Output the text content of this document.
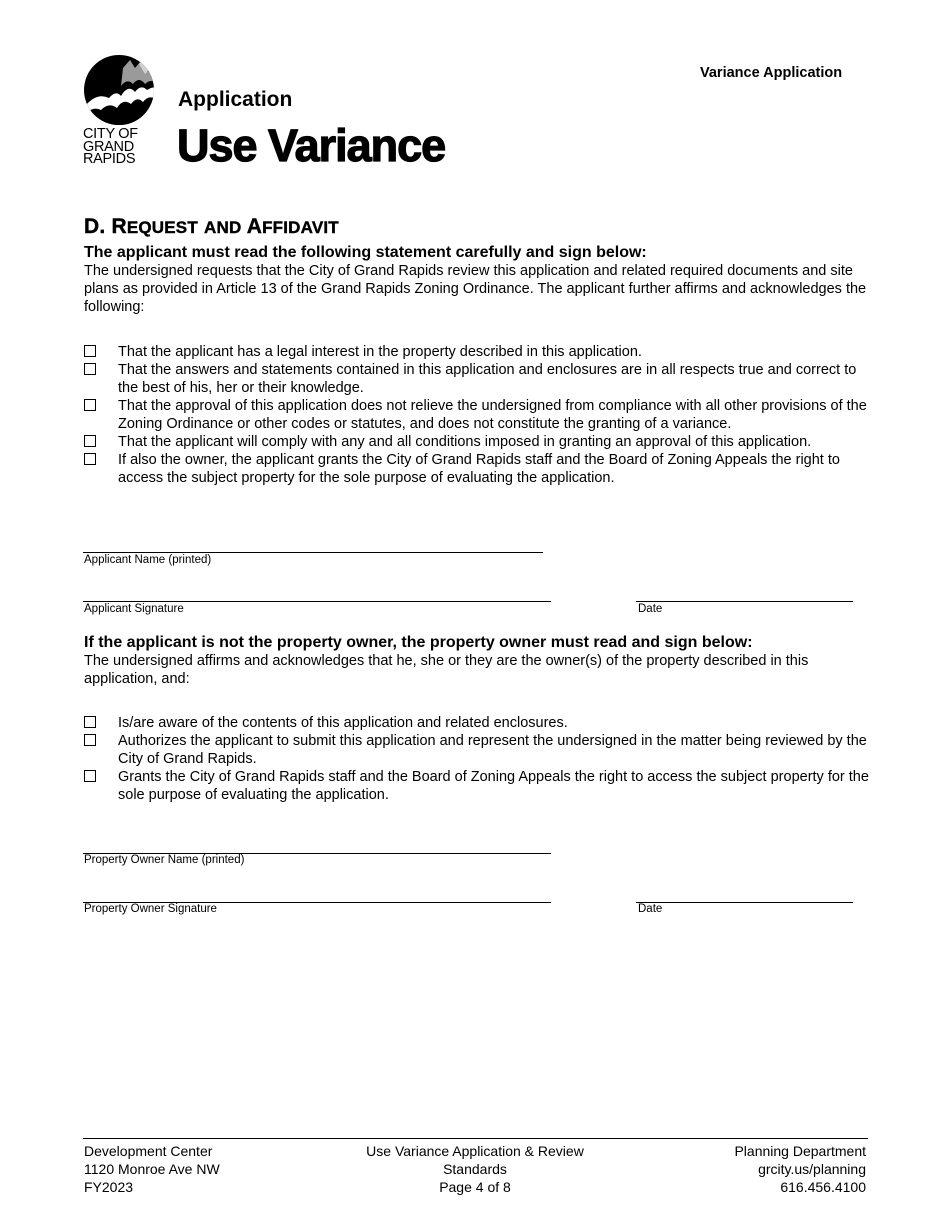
CITY OF
GRAND
RAPIDS
Variance Application
Application
Use Variance
D. REQUEST AND AFFIDAVIT
The applicant must read the following statement carefully and sign below:
The undersigned requests that the City of Grand Rapids review this application and related required documents and site plans as provided in Article 13 of the Grand Rapids Zoning Ordinance. The applicant further affirms and acknowledges the following:
That the applicant has a legal interest in the property described in this application.
That the answers and statements contained in this application and enclosures are in all respects true and correct to the best of his, her or their knowledge.
That the approval of this application does not relieve the undersigned from compliance with all other provisions of the Zoning Ordinance or other codes or statutes, and does not constitute the granting of a variance.
That the applicant will comply with any and all conditions imposed in granting an approval of this application.
If also the owner, the applicant grants the City of Grand Rapids staff and the Board of Zoning Appeals the right to access the subject property for the sole purpose of evaluating the application.
Applicant Name (printed)
Applicant Signature	Date
If the applicant is not the property owner, the property owner must read and sign below:
The undersigned affirms and acknowledges that he, she or they are the owner(s) of the property described in this application, and:
Is/are aware of the contents of this application and related enclosures.
Authorizes the applicant to submit this application and represent the undersigned in the matter being reviewed by the City of Grand Rapids.
Grants the City of Grand Rapids staff and the Board of Zoning Appeals the right to access the subject property for the sole purpose of evaluating the application.
Property Owner Name (printed)
Property Owner Signature	Date
Development Center
1120 Monroe Ave NW
FY2023
Use Variance Application & Review
Standards
Page 4 of 8
Planning Department
grcity.us/planning
616.456.4100
